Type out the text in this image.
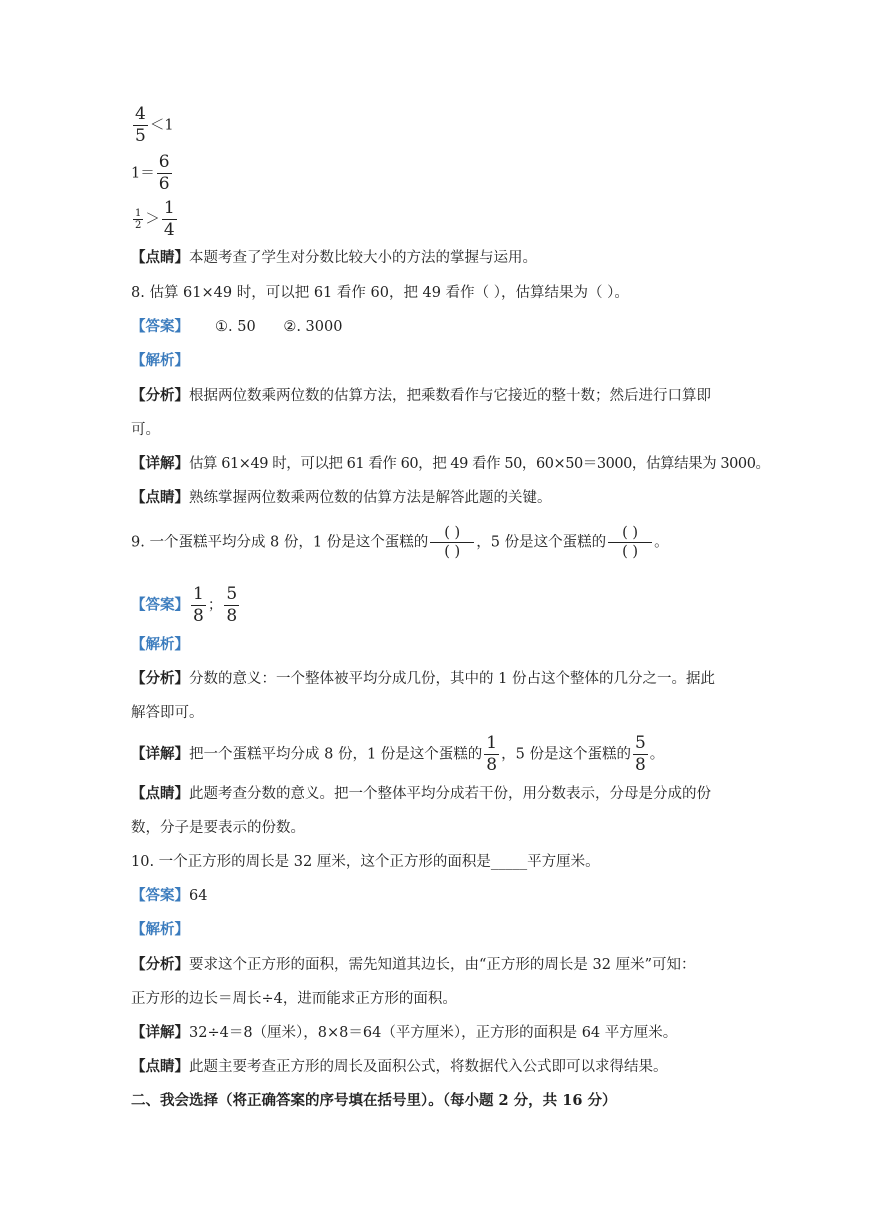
$\frac{4}{5} <1$
$1= \frac{6}{6}$
$\frac{1}{2} > \frac{1}{4}$
【点睛】本题考查了学生对分数比较大小的方法的掌握与运用。
8. 估算 61×49 时，可以把 61 看作 60，把 49 看作（ ），估算结果为（ ）。
【答案】 ①. 50      ②. 3000
【解析】
【分析】根据两位数乘两位数的估算方法，把乘数看作与它接近的整十数；然后进行口算即
可。
【详解】估算 61×49 时，可以把 61 看作 60，把 49 看作 50，60×50＝3000，估算结果为 3000。
【点睛】熟练掌握两位数乘两位数的估算方法是解答此题的关键。
9. 一个蛋糕平均分成 8 份，1 份是这个蛋糕的 $\frac{( )}{( )}$ ，5 份是这个蛋糕的 $\frac{( )}{( )}$ 。
【答案】 $\frac{1}{8}$ ； $\frac{5}{8}$
【解析】
【分析】分数的意义：一个整体被平均分成几份，其中的 1 份占这个整体的几分之一。据此
解答即可。
【详解】把一个蛋糕平均分成 8 份，1 份是这个蛋糕的 $\frac{1}{8}$ ，5 份是这个蛋糕的 $\frac{5}{8}$ 。
【点睛】此题考查分数的意义。把一个整体平均分成若干份，用分数表示，分母是分成的份
数，分子是要表示的份数。
10. 一个正方形的周长是 32 厘米，这个正方形的面积是_____平方厘米。
【答案】64
【解析】
【分析】要求这个正方形的面积，需先知道其边长，由“正方形的周长是 32 厘米”可知：
正方形的边长＝周长÷4，进而能求正方形的面积。
【详解】32÷4＝8（厘米），8×8＝64（平方厘米），正方形的面积是 64 平方厘米。
【点睛】此题主要考查正方形的周长及面积公式，将数据代入公式即可以求得结果。
二、我会选择（将正确答案的序号填在括号里）。（每小题 2 分，共 16 分）
